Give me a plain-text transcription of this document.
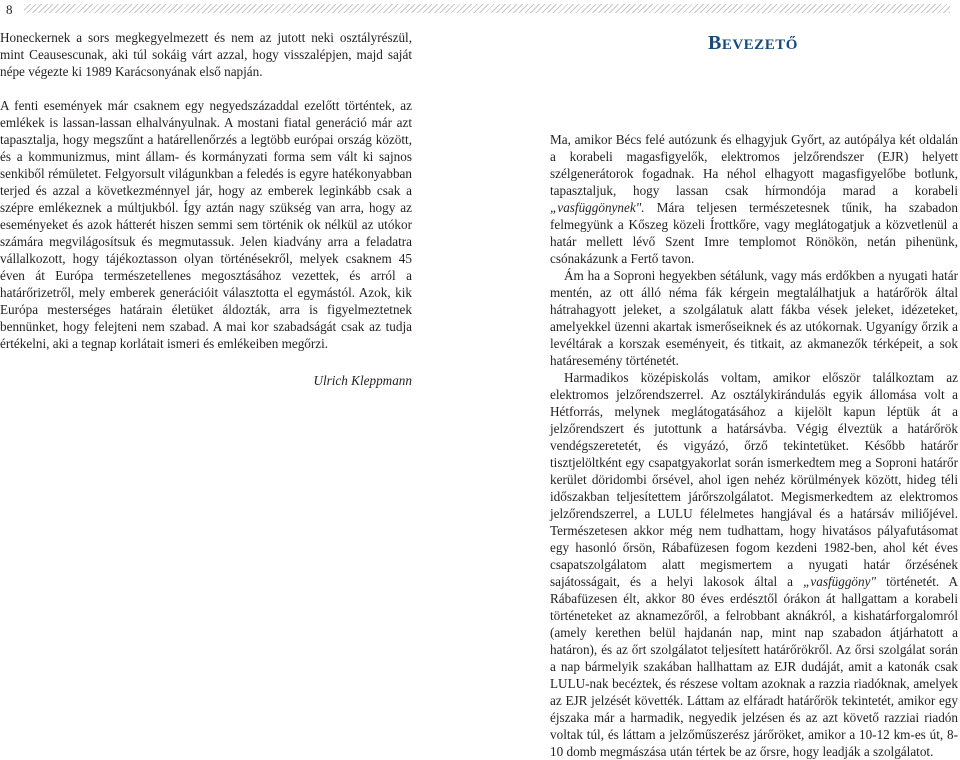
8

Honeckernek a sors megkegyelmezett és nem az jutott neki osztályrészül, mint Ceausescunak, aki túl sokáig várt azzal, hogy visszalépjen, majd saját népe végezte ki 1989 Karácsonyának első napján.

A fenti események már csaknem egy negyedszázaddal ezelőtt történtek, az emlékek is lassan-lassan elhalványulnak. A mostani fiatal generáció már azt tapasztalja, hogy megszűnt a határellenőrzés a legtöbb európai ország között, és a kommunizmus, mint állam- és kormányzati forma sem vált ki sajnos senkiből rémületet. Felgyorsult világunkban a feledés is egyre hatékonyabban terjed és azzal a következménnyel jár, hogy az emberek leginkább csak a szépre emlékeznek a múltjukból. Így aztán nagy szükség van arra, hogy az eseményeket és azok hátterét hiszen semmi sem történik ok nélkül az utókor számára megvilágosítsuk és megmutassuk. Jelen kiadvány arra a feladatra vállalkozott, hogy tájékoztasson olyan történésekről, melyek csaknem 45 éven át Európa természetellenes megosztásához vezettek, és arról a határőrizetről, mely emberek generációit választotta el egymástól. Azok, kik Európa mesterséges határain életüket áldozták, arra is figyelmeztetnek bennünket, hogy felejteni nem szabad. A mai kor szabadságát csak az tudja értékelni, aki a tegnap korlátait ismeri és emlékeiben megőrzi.

Ulrich Kleppmann
BEVEZETŐ

Ma, amikor Bécs felé autózunk és elhagyjuk Győrt, az autópálya két oldalán a korabeli magasfigyelők, elektromos jelzőrendszer (EJR) helyett szélgenerátorok fogadnak. Ha néhol elhagyott magasfigyelőbe botlunk, tapasztaljuk, hogy lassan csak hírmondója marad a korabeli „vasfüggönynek". Mára teljesen természetesnek tűnik, ha szabadon felmegyünk a Kőszeg közeli Írottkőre, vagy meglátogatjuk a közvetlenül a határ mellett lévő Szent Imre templomot Rönökön, netán pihenünk, csónakázunk a Fertő tavon.

Ám ha a Soproni hegyekben sétálunk, vagy más erdőkben a nyugati határ mentén, az ott álló néma fák kérgein megtalálhatjuk a határőrök által hátrahagyott jeleket, a szolgálatuk alatt fákba vések jeleket, idézeteket, amelyekkel üzenni akartak ismerőseiknek és az utókornak. Ugyanígy őrzik a levéltárak a korszak eseményeit, és titkait, az akmanezők térképeit, a sok határesemény történetét.

Harmadikos középiskolás voltam, amikor először találkoztam az elektromos jelzőrendszerrel. Az osztálykirándulás egyik állomása volt a Hétforrás, melynek meglátogatásához a kijelölt kapun léptük át a jelzőrendszert és jutottunk a határsávba. Végig élveztük a határőrök vendégszeretetét, és vigyázó, őrző tekintetüket. Később határőr tisztjelöltként egy csapatgyakorlat során ismerkedtem meg a Soproni határőr kerület döridombi őrsével, ahol igen nehéz körülmények között, hideg téli időszakban teljesítettem járőrszolgálatot. Megismerkedtem az elektromos jelzőrendszerrel, a LULU félelmetes hangjával és a határsáv miliőjével. Természetesen akkor még nem tudhattam, hogy hivatásos pályafutásomat egy hasonló őrsön, Rábafüzesen fogom kezdeni 1982-ben, ahol két éves csapatszolgálatom alatt megismertem a nyugati határ őrzésének sajátosságait, és a helyi lakosok által a „vasfüggöny" történetét. A Rábafüzesen élt, akkor 80 éves erdésztől órákon át hallgattam a korabeli történeteket az aknamezőről, a felrobbant aknákról, a kishatárforgalomról (amely kerethen belül hajdanán nap, mint nap szabadon átjárhatott a határon), és az őrt szolgálatot teljesített határőrökről. Az őrsi szolgálat során a nap bármelyik szakában hallhattam az EJR dudáját, amit a katonák csak LULU-nak becéztek, és részese voltam azoknak a razzia riadóknak, amelyek az EJR jelzését követték. Láttam az elfáradt határőrök tekintetét, amikor egy éjszaka már a harmadik, negyedik jelzésen és az azt követő razziai riadón voltak túl, és láttam a jelzőműszerész járőröket, amikor a 10-12 km-es út, 8-10 domb megmászása után tértek be az őrsre, hogy leadják a szolgálatot.
